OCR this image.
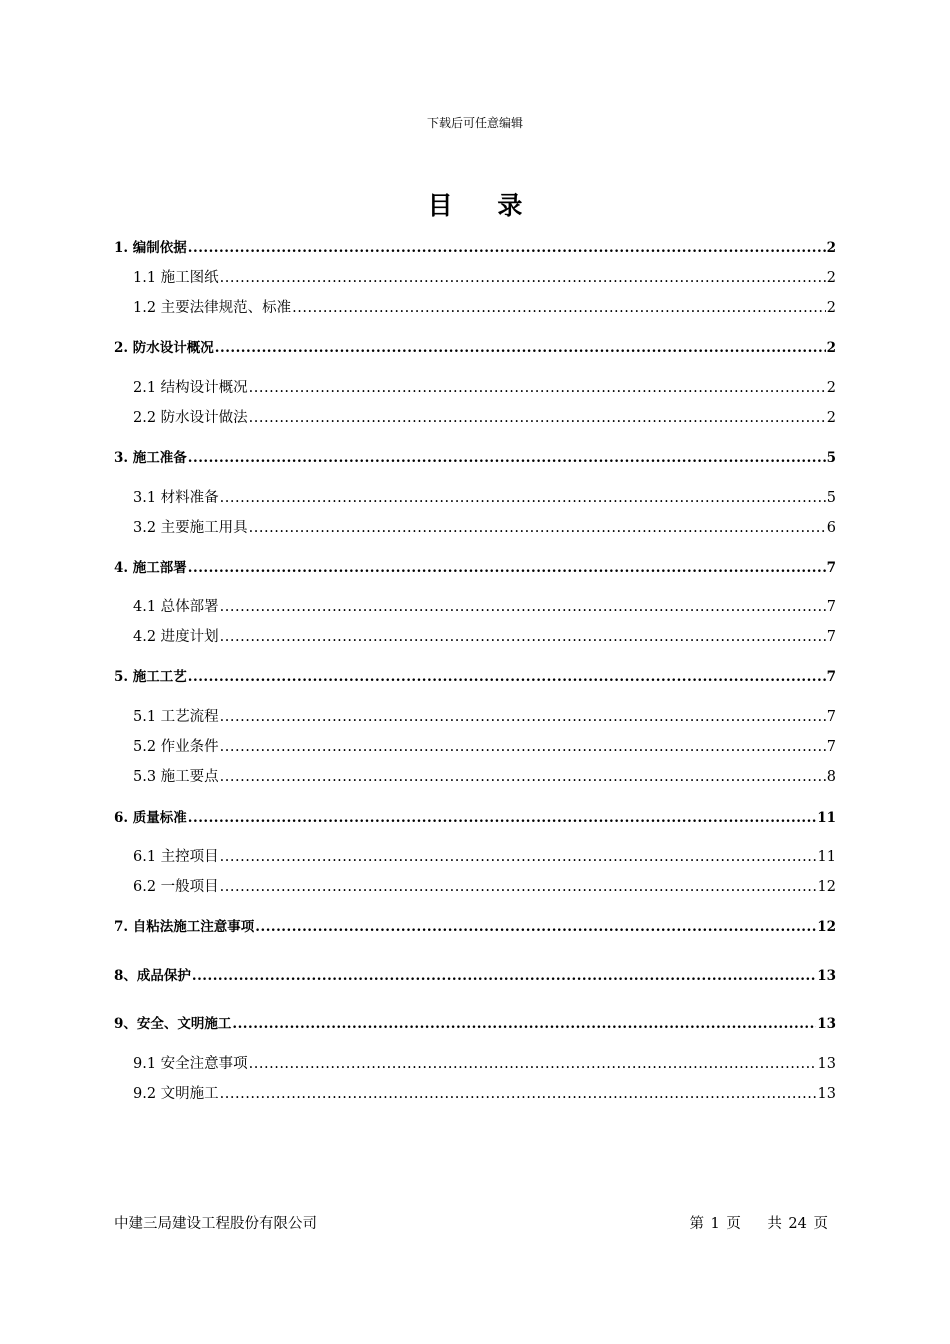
下载后可任意编辑
目 录
1. 编制依据 .....	2
1.1 施工图纸 .....	2
1.2 主要法律规范、标准 .....	2
2. 防水设计概况 .....	2
2.1 结构设计概况 .....	2
2.2 防水设计做法 .....	2
3. 施工准备 .....	5
3.1 材料准备 .....	5
3.2 主要施工用具 .....	6
4. 施工部署 .....	7
4.1 总体部署 .....	7
4.2 进度计划 .....	7
5. 施工工艺 .....	7
5.1 工艺流程 .....	7
5.2 作业条件 .....	7
5.3 施工要点 .....	8
6. 质量标准 .....	11
6.1 主控项目 .....	11
6.2 一般项目 .....	12
7. 自粘法施工注意事项 .....	12
8、成品保护 .....	13
9、安全、文明施工 .....	13
9.1 安全注意事项 .....	13
9.2 文明施工 .....	13
中建三局建设工程股份有限公司	第 1 页 共 24 页
